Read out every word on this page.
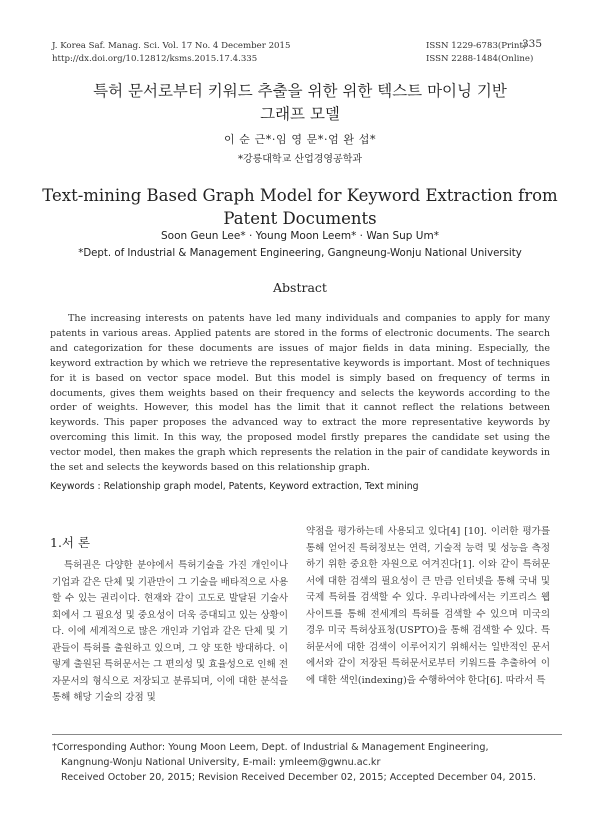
J. Korea Saf. Manag. Sci. Vol. 17 No. 4 December 2015
http://dx.doi.org/10.12812/ksms.2015.17.4.335
ISSN 1229-6783(Print)
ISSN 2288-1484(Online)
335
특허 문서로부터 키워드 추출을 위한 위한 텍스트 마이닝 기반
그래프 모델
이 순 근*·임 영 문*·엄 완 섭*
*강릉대학교 산업경영공학과
Text-mining Based Graph Model for Keyword Extraction from
Patent Documents
Soon Geun Lee* · Young Moon Leem* · Wan Sup Um*
*Dept. of Industrial & Management Engineering, Gangneung-Wonju National University
Abstract

The increasing interests on patents have led many individuals and companies to apply for many patents in various areas. Applied patents are stored in the forms of electronic documents. The search and categorization for these documents are issues of major fields in data mining. Especially, the keyword extraction by which we retrieve the representative keywords is important. Most of techniques for it is based on vector space model. But this model is simply based on frequency of terms in documents, gives them weights based on their frequency and selects the keywords according to the order of weights. However, this model has the limit that it cannot reflect the relations between keywords. This paper proposes the advanced way to extract the more representative keywords by overcoming this limit. In this way, the proposed model firstly prepares the candidate set using the vector model, then makes the graph which represents the relation in the pair of candidate keywords in the set and selects the keywords based on this relationship graph.

Keywords : Relationship graph model, Patents, Keyword extraction, Text mining
1.서 론

특허권은 다양한 분야에서 특허기술을 가진 개인이나 기업과 같은 단체 및 기관만이 그 기술을 배타적으로 사용할 수 있는 권리이다. 현재와 같이 고도로 발달된 기술사회에서 그 필요성 및 중요성이 더욱 증대되고 있는 상황이다. 이에 세계적으로 많은 개인과 기업과 같은 단체 및 기관들이 특허를 출원하고 있으며, 그 양 또한 방대하다. 이렇게 출원된 특허문서는 그 편의성 및 효율성으로 인해 전자문서의 형식으로 저장되고 분류되며, 이에 대한 분석을 통해 해당 기술의 강점 및

약점을 평가하는데 사용되고 있다[4] [10]. 이러한 평가를 통해 얻어진 특허정보는 연력, 기술적 능력 및 성능을 측정하기 위한 중요한 자원으로 여겨진다[1]. 이와 같이 특허문서에 대한 검색의 필요성이 큰 만큼 인터넷을 통해 국내 및 국제 특허를 검색할 수 있다. 우리나라에서는 키프리스 웹사이트를 통해 전세계의 특허를 검색할 수 있으며 미국의 경우 미국 특허상표청(USPTO)을 통해 검색할 수 있다. 특허문서에 대한 검색이 이루어지기 위해서는 일반적인 문서에서와 같이 저장된 특허문서로부터 키워드를 추출하여 이에 대한 색인(indexing)을 수행하여야 한다[6]. 따라서 특

†Corresponding Author: Young Moon Leem, Dept. of Industrial & Management Engineering,

Kangnung-Wonju National University, E-mail: ymleem@gwnu.ac.kr

Received October 20, 2015; Revision Received December 02, 2015; Accepted December 04, 2015.
